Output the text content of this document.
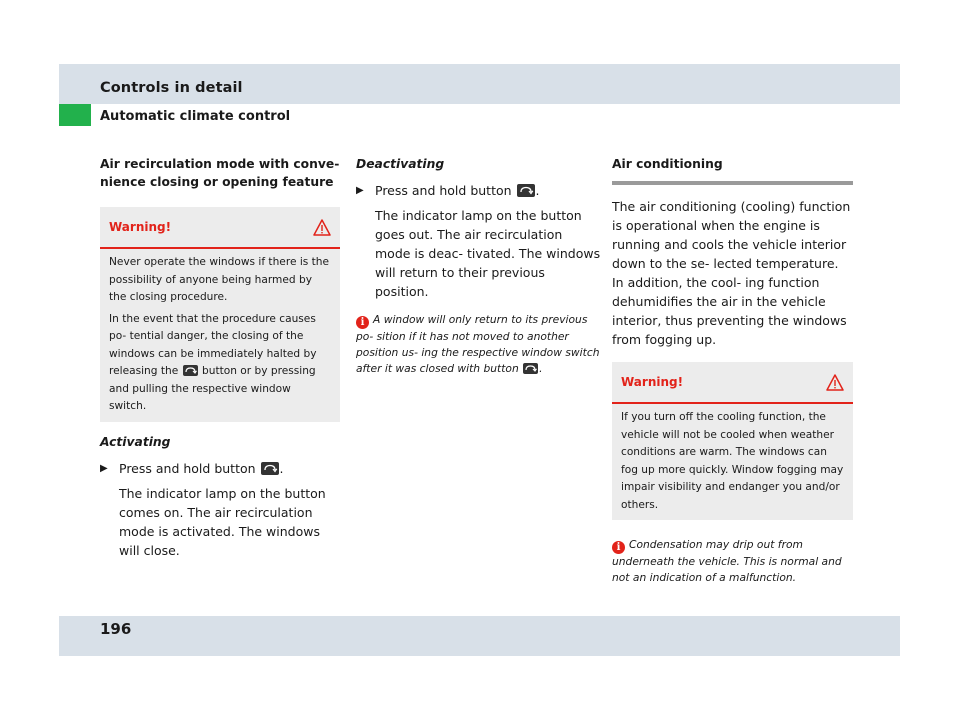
Controls in detail
Automatic climate control
Air recirculation mode with conve-
nience closing or opening feature
Warning!

Never operate the windows if there is the possibility of anyone being harmed by the closing procedure.

In the event that the procedure causes po- tential danger, the closing of the windows can be immediately halted by releasing the button or by pressing and pulling the respective window switch.

Activating
▶ Press and hold button .
The indicator lamp on the button comes on. The air recirculation mode is activated. The windows will close.
Deactivating
▶ Press and hold button .
The indicator lamp on the button goes out. The air recirculation mode is deac- tivated. The windows will return to their previous position.
i A window will only return to its previous po- sition if it has not moved to another position us- ing the respective window switch after it was closed with button .
Air conditioning
The air conditioning (cooling) function is operational when the engine is running and cools the vehicle interior down to the se- lected temperature. In addition, the cool- ing function dehumidifies the air in the vehicle interior, thus preventing the windows from fogging up.
Warning!

If you turn off the cooling function, the vehicle will not be cooled when weather conditions are warm. The windows can fog up more quickly. Window fogging may impair visibility and endanger you and/or others.

i Condensation may drip out from underneath the vehicle. This is normal and not an indication of a malfunction.
196
